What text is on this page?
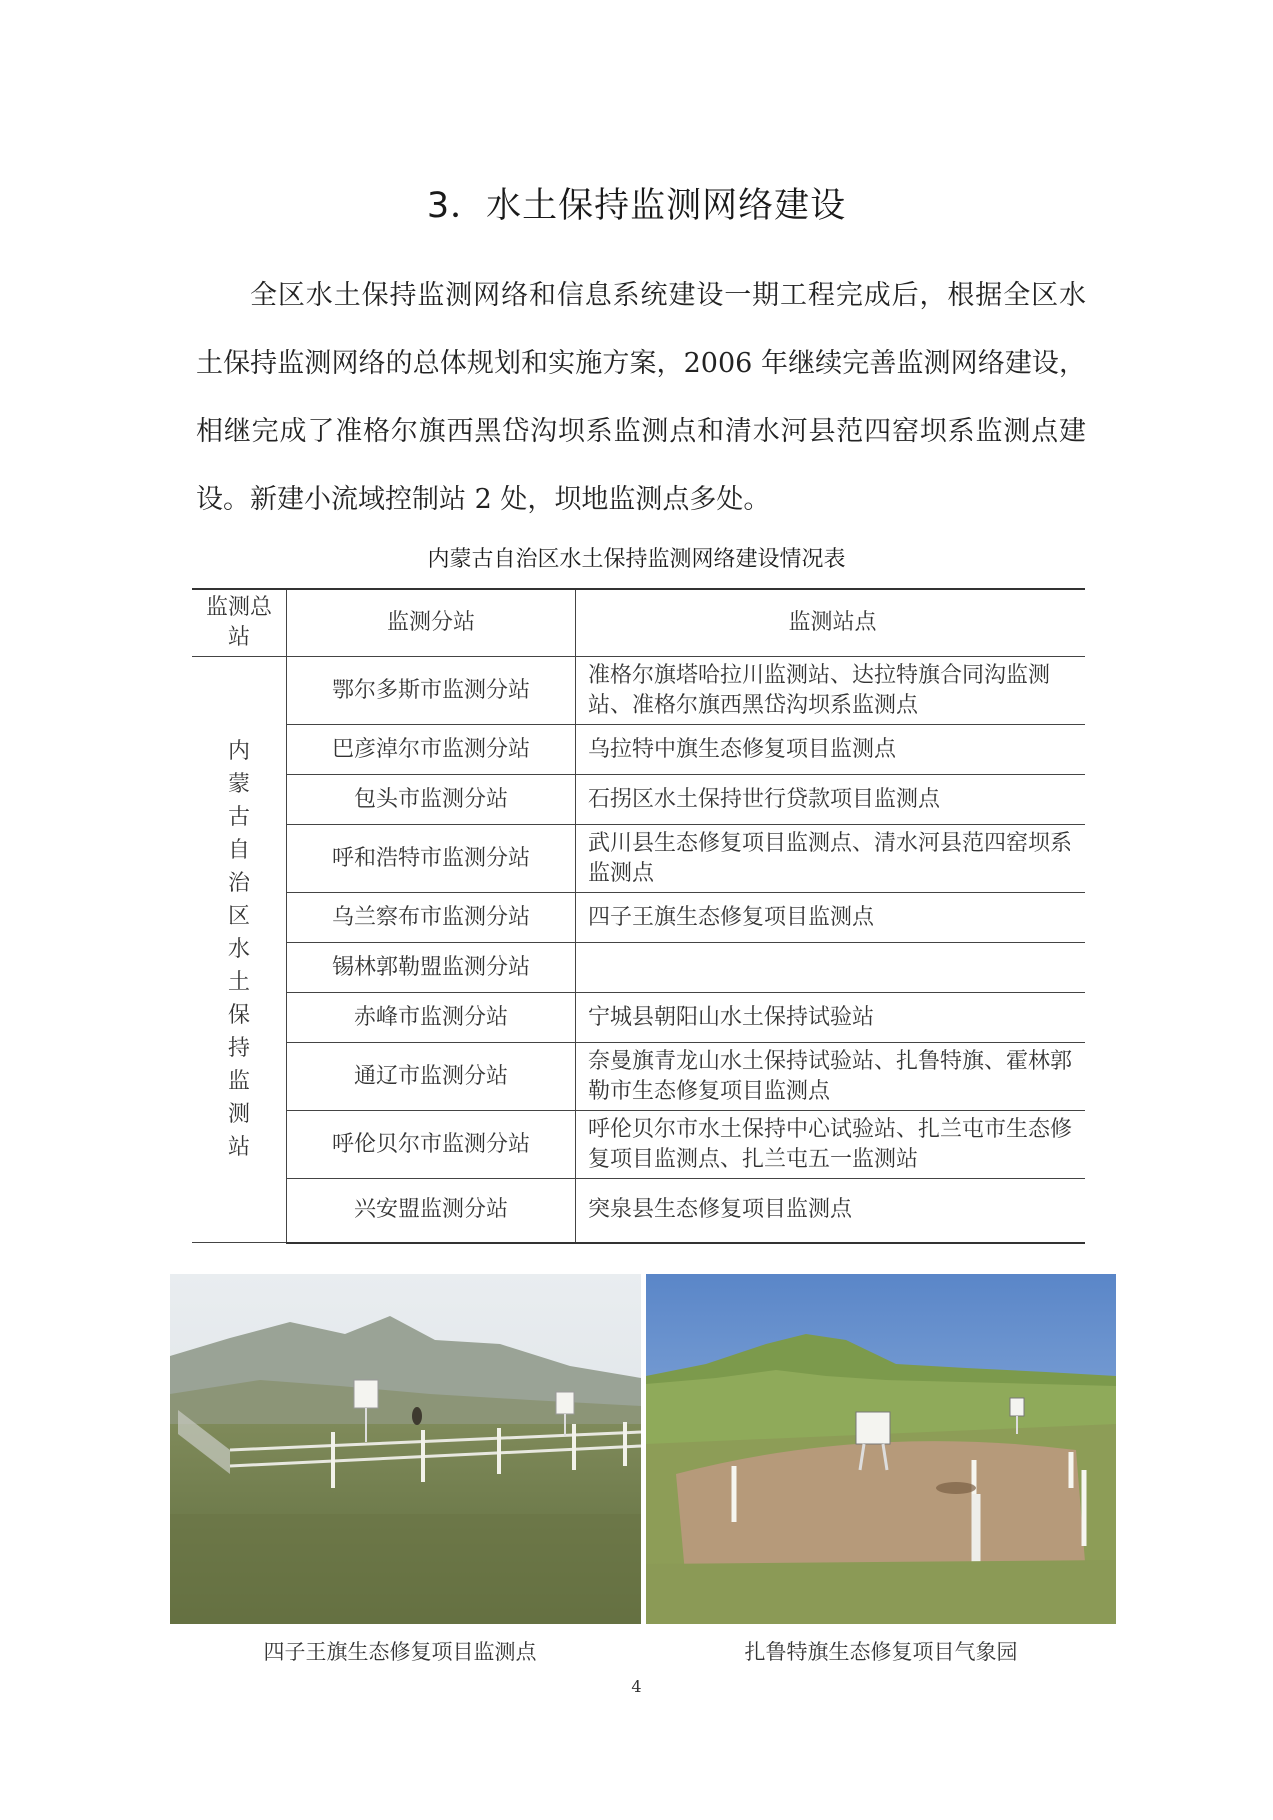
3．水土保持监测网络建设

全区水土保持监测网络和信息系统建设一期工程完成后，根据全区水土保持监测网络的总体规划和实施方案，2006 年继续完善监测网络建设，相继完成了准格尔旗西黑岱沟坝系监测点和清水河县范四窑坝系监测点建设。新建小流域控制站 2 处，坝地监测点多处。

内蒙古自治区水土保持监测网络建设情况表
监测总站	监测分站	监测站点

内蒙古自治区水土保持监测站	鄂尔多斯市监测分站	准格尔旗塔哈拉川监测站、达拉特旗合同沟监测站、准格尔旗西黑岱沟坝系监测点
	巴彦淖尔市监测分站	乌拉特中旗生态修复项目监测点
	包头市监测分站	石拐区水土保持世行贷款项目监测点
	呼和浩特市监测分站	武川县生态修复项目监测点、清水河县范四窑坝系监测点
	乌兰察布市监测分站	四子王旗生态修复项目监测点
	锡林郭勒盟监测分站	
	赤峰市监测分站	宁城县朝阳山水土保持试验站
	通辽市监测分站	奈曼旗青龙山水土保持试验站、扎鲁特旗、霍林郭勒市生态修复项目监测点
	呼伦贝尔市监测分站	呼伦贝尔市水土保持中心试验站、扎兰屯市生态修复项目监测点、扎兰屯五一监测站
	兴安盟监测分站	突泉县生态修复项目监测点
四子王旗生态修复项目监测点	扎鲁特旗生态修复项目气象园
4
